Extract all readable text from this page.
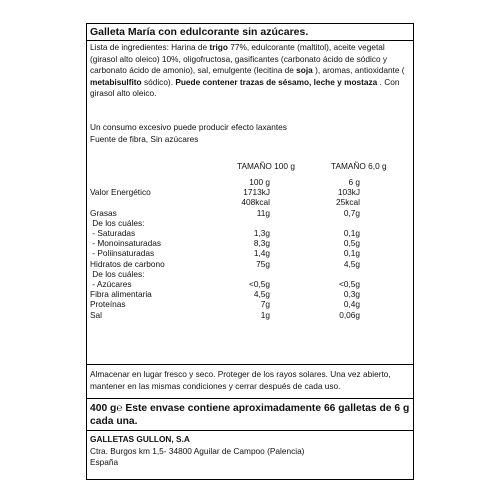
Galleta María con edulcorante sin azúcares.
Lista de ingredientes: Harina de trigo 77%, edulcorante (maltitol), aceite vegetal (girasol alto oleico) 10%, oligofructosa, gasificantes (carbonato ácido de sódico y carbonato ácido de amonio), sal, emulgente (lecitina de soja ), aromas, antioxidante ( metabisulfito sódico). Puede contener trazas de sésamo, leche y mostaza . Con girasol alto oleico.
Un consumo excesivo puede producir efecto laxantes
Fuente de fibra, Sin azúcares
TAMAÑO 100 g	TAMAÑO 6,0 g
100 g	6 g
Valor Energético	1713kJ	103kJ
408kcal	25kcal
Grasas	11g	0,7g
De los cuáles:
- Saturadas	1,3g	0,1g
- Monoinsaturadas	8,3g	0,5g
- Poliinsaturadas	1,4g	0,1g
Hidratos de carbono	75g	4,5g
De los cuáles:
- Azúcares	<0,5g	<0,5g
Fibra alimentaria	4,5g	0,3g
Proteínas	7g	0,4g
Sal	1g	0,06g
Almacenar en lugar fresco y seco. Proteger de los rayos solares. Una vez abierto, mantener en las mismas condiciones y cerrar después de cada uso.
400 g℮ Este envase contiene aproximadamente 66 galletas de 6 g cada una.
GALLETAS GULLON, S.A
Ctra. Burgos km 1,5- 34800 Aguilar de Campoo (Palencia)
España
